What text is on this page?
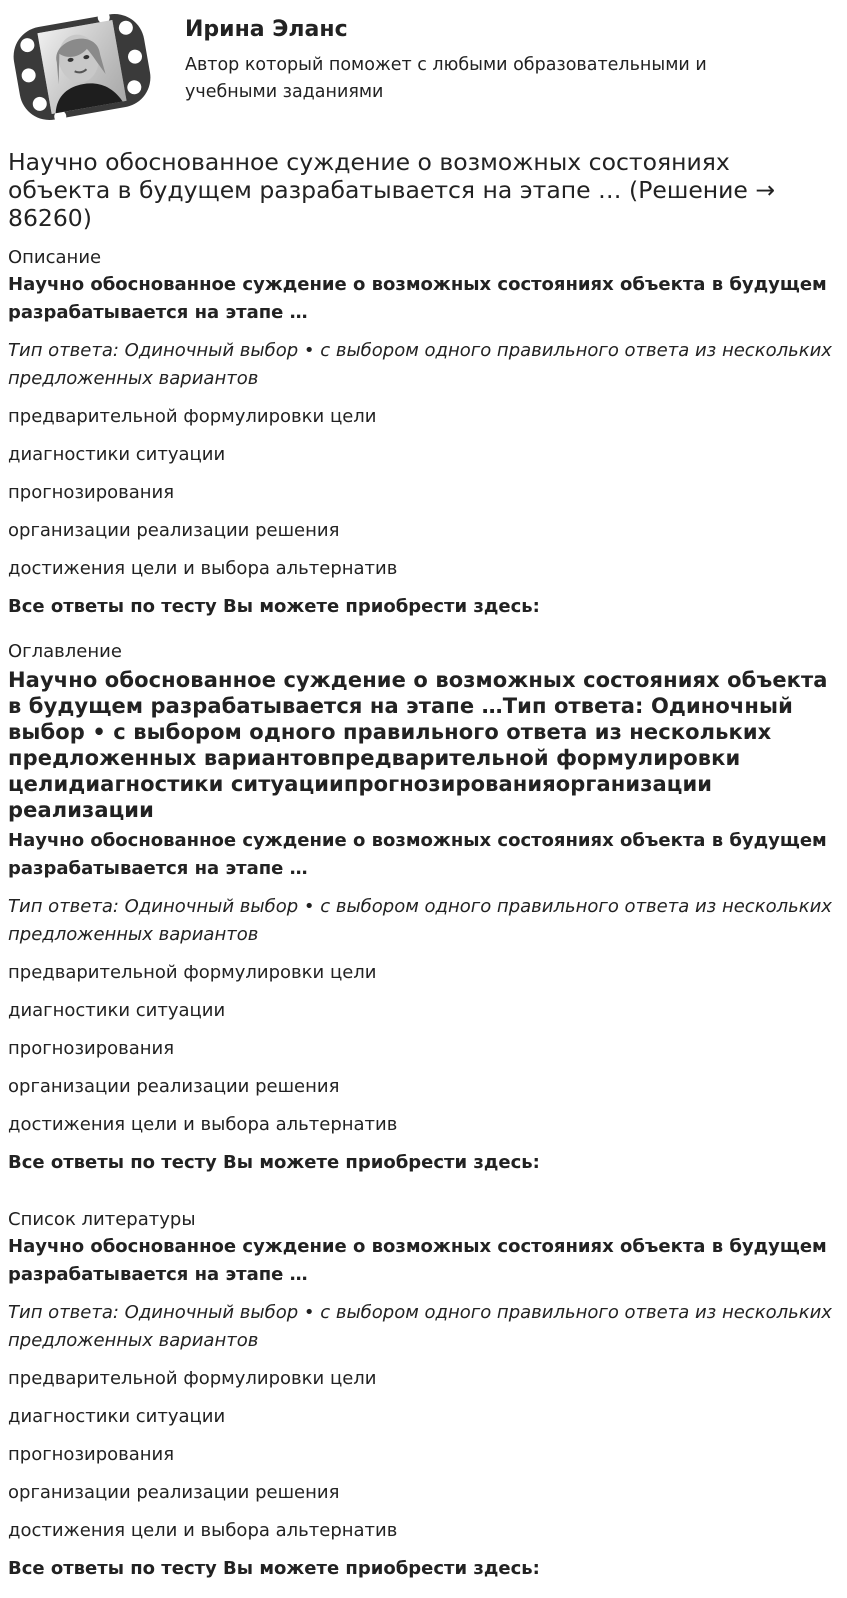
Ирина Эланс

Автор который поможет с любыми образовательными и учебными заданиями

Научно обоснованное суждение о возможных состояниях объекта в будущем разрабатывается на этапе … (Решение → 86260)

Описание

Научно обоснованное суждение о возможных состояниях объекта в будущем разрабатывается на этапе …

Тип ответа: Одиночный выбор • с выбором одного правильного ответа из нескольких предложенных вариантов

предварительной формулировки цели

диагностики ситуации

прогнозирования

организации реализации решения

достижения цели и выбора альтернатив

Все ответы по тесту Вы можете приобрести здесь:

Оглавление

Научно обоснованное суждение о возможных состояниях объекта в будущем разрабатывается на этапе …Тип ответа: Одиночный выбор • с выбором одного правильного ответа из нескольких предложенных вариантовпредварительной формулировки целидиагностики ситуациипрогнозированияорганизации реализации

Научно обоснованное суждение о возможных состояниях объекта в будущем разрабатывается на этапе …

Тип ответа: Одиночный выбор • с выбором одного правильного ответа из нескольких предложенных вариантов

предварительной формулировки цели

диагностики ситуации

прогнозирования

организации реализации решения

достижения цели и выбора альтернатив

Все ответы по тесту Вы можете приобрести здесь:

Список литературы

Научно обоснованное суждение о возможных состояниях объекта в будущем разрабатывается на этапе …

Тип ответа: Одиночный выбор • с выбором одного правильного ответа из нескольких предложенных вариантов

предварительной формулировки цели

диагностики ситуации

прогнозирования

организации реализации решения

достижения цели и выбора альтернатив

Все ответы по тесту Вы можете приобрести здесь:
